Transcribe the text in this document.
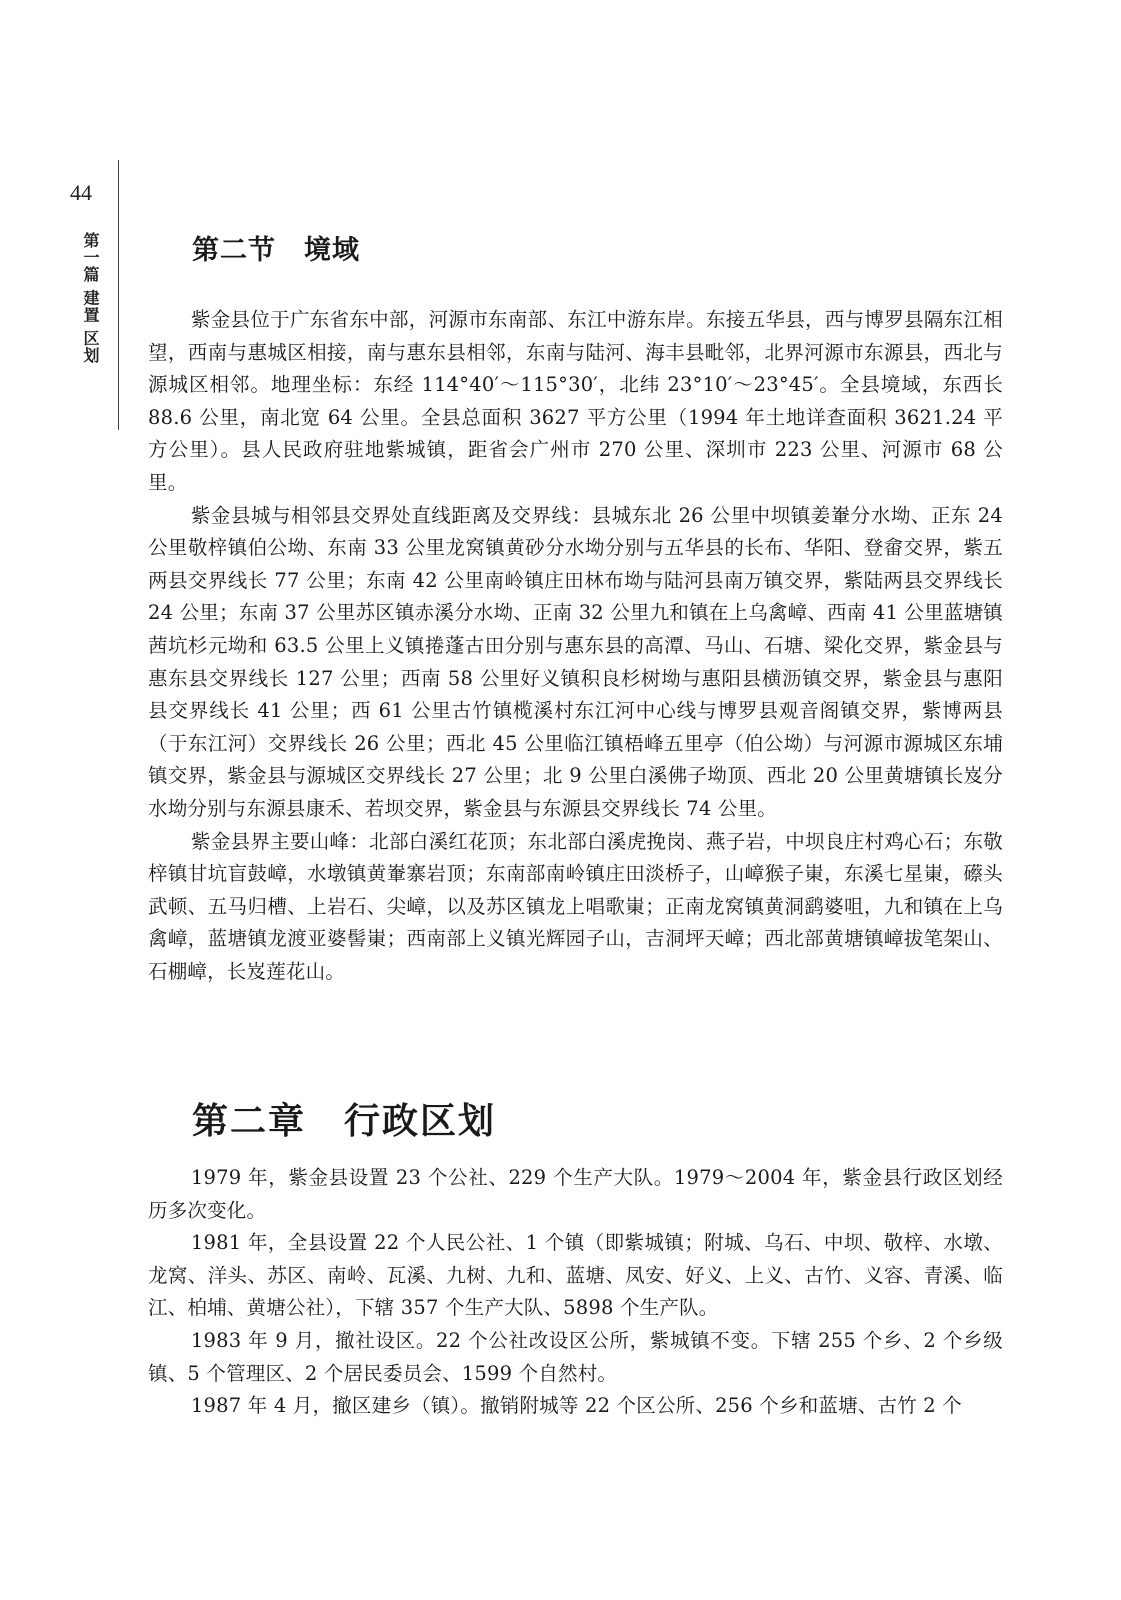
44
第一篇 建置 区划	第二节 境域

紫金县位于广东省东中部，河源市东南部、东江中游东岸。东接五华县，西与博罗县隔东江相望，西南与惠城区相接，南与惠东县相邻，东南与陆河、海丰县毗邻，北界河源市东源县，西北与源城区相邻。地理坐标：东经 114°40′～115°30′，北纬 23°10′～23°45′。全县境域，东西长 88.6 公里，南北宽 64 公里。全县总面积 3627 平方公里（1994 年土地详查面积 3621.24 平方公里）。县人民政府驻地紫城镇，距省会广州市 270 公里、深圳市 223 公里、河源市 68 公里。

紫金县城与相邻县交界处直线距离及交界线：县城东北 26 公里中坝镇姜輋分水坳、正东 24 公里敬梓镇伯公坳、东南 33 公里龙窝镇黄砂分水坳分别与五华县的长布、华阳、登畲交界，紫五两县交界线长 77 公里；东南 42 公里南岭镇庄田林布坳与陆河县南万镇交界，紫陆两县交界线长 24 公里；东南 37 公里苏区镇赤溪分水坳、正南 32 公里九和镇在上乌禽嶂、西南 41 公里蓝塘镇茜坑杉元坳和 63.5 公里上义镇捲蓬古田分别与惠东县的高潭、马山、石塘、梁化交界，紫金县与惠东县交界线长 127 公里；西南 58 公里好义镇积良杉树坳与惠阳县横沥镇交界，紫金县与惠阳县交界线长 41 公里；西 61 公里古竹镇榄溪村东江河中心线与博罗县观音阁镇交界，紫博两县（于东江河）交界线长 26 公里；西北 45 公里临江镇梧峰五里亭（伯公坳）与河源市源城区东埔镇交界，紫金县与源城区交界线长 27 公里；北 9 公里白溪佛子坳顶、西北 20 公里黄塘镇长岌分水坳分别与东源县康禾、若坝交界，紫金县与东源县交界线长 74 公里。

紫金县界主要山峰：北部白溪红花顶；东北部白溪虎挽岗、燕子岩，中坝良庄村鸡心石；东敬梓镇甘坑盲鼓嶂，水墩镇黄輋寨岩顶；东南部南岭镇庄田淡桥子，山嶂猴子崬，东溪七星崬，礤头武顿、五马归槽、上岩石、尖嶂，以及苏区镇龙上唱歌崬；正南龙窝镇黄洞鹞婆咀，九和镇在上乌禽嶂，蓝塘镇龙渡亚婆髻崬；西南部上义镇光辉园子山，吉洞坪天嶂；西北部黄塘镇嶂拔笔架山、石棚嶂，长岌莲花山。

第二章 行政区划

1979 年，紫金县设置 23 个公社、229 个生产大队。1979～2004 年，紫金县行政区划经历多次变化。

1981 年，全县设置 22 个人民公社、1 个镇（即紫城镇；附城、乌石、中坝、敬梓、水墩、龙窝、洋头、苏区、南岭、瓦溪、九树、九和、蓝塘、凤安、好义、上义、古竹、义容、青溪、临江、柏埔、黄塘公社），下辖 357 个生产大队、5898 个生产队。

1983 年 9 月，撤社设区。22 个公社改设区公所，紫城镇不变。下辖 255 个乡、2 个乡级镇、5 个管理区、2 个居民委员会、1599 个自然村。

1987 年 4 月，撤区建乡（镇）。撤销附城等 22 个区公所、256 个乡和蓝塘、古竹 2 个
